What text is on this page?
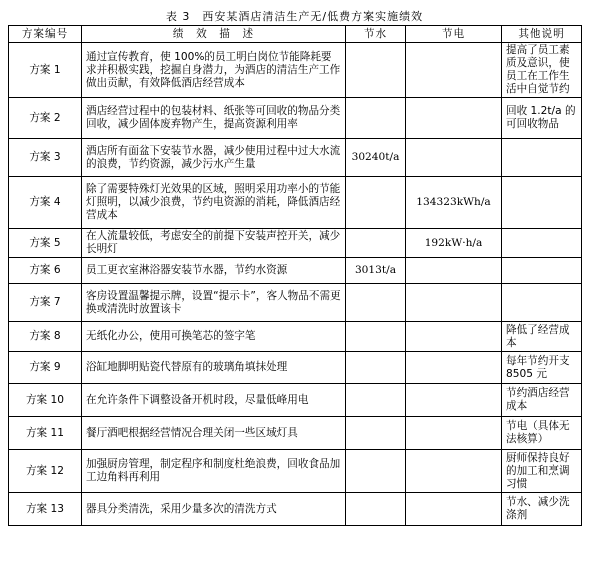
表 3　西安某酒店清洁生产无/低费方案实施绩效
方案编号	绩　效　描　述	节水	节电	其他说明
方案 1	通过宣传教育，使 100%的员工明白岗位节能降耗要求并积极实践，挖掘自身潜力，为酒店的清洁生产工作做出贡献，有效降低酒店经营成本			提高了员工素质及意识，使员工在工作生活中自觉节约
方案 2	酒店经营过程中的包装材料、纸张等可回收的物品分类回收，减少固体废弃物产生，提高资源利用率			回收 1.2t/a 的可回收物品
方案 3	酒店所有面盆下安装节水器，减少使用过程中过大水流的浪费，节约资源，减少污水产生量	30240t/a		
方案 4	除了需要特殊灯光效果的区域，照明采用功率小的节能灯照明，以减少浪费，节约电资源的消耗，降低酒店经营成本		134323kWh/a	
方案 5	在人流量较低，考虑安全的前提下安装声控开关，减少长明灯		192kW·h/a	
方案 6	员工更衣室淋浴器安装节水器，节约水资源	3013t/a		
方案 7	客房设置温馨提示牌，设置“提示卡”，客人物品不需更换或清洗时放置该卡			
方案 8	无纸化办公，使用可换笔芯的签字笔			降低了经营成本
方案 9	浴缸地脚明贴瓷代替原有的玻璃角填抹处理			每年节约开支 8505 元
方案 10	在允许条件下调整设备开机时段，尽量低峰用电			节约酒店经营成本
方案 11	餐厅酒吧根据经营情况合理关闭一些区域灯具			节电（具体无法核算）
方案 12	加强厨房管理，制定程序和制度杜绝浪费，回收食品加工边角料再利用			厨师保持良好的加工和烹调习惯
方案 13	器具分类清洗，采用少量多次的清洗方式			节水、减少洗涤剂
